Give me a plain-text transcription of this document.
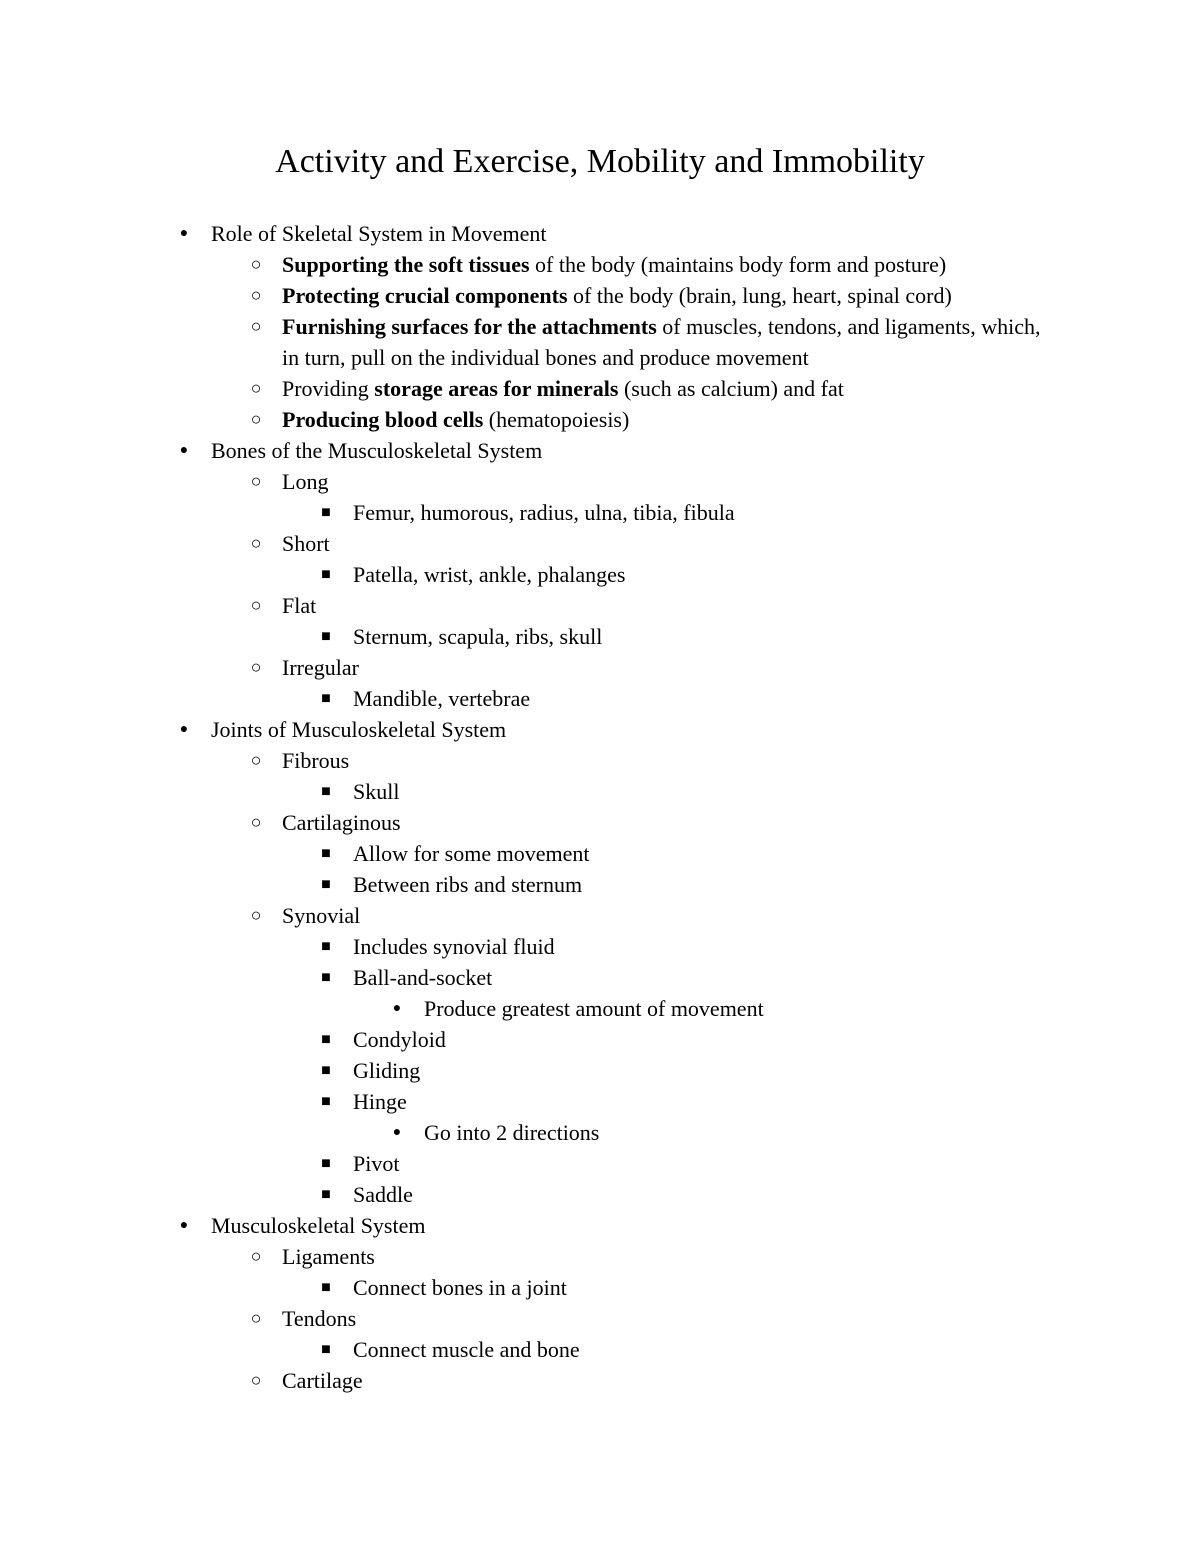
Activity and Exercise, Mobility and Immobility
● Role of Skeletal System in Movement
○ Supporting the soft tissues of the body (maintains body form and posture)
○ Protecting crucial components of the body (brain, lung, heart, spinal cord)
○ Furnishing surfaces for the attachments of muscles, tendons, and ligaments, which, in turn, pull on the individual bones and produce movement
○ Providing storage areas for minerals (such as calcium) and fat
○ Producing blood cells (hematopoiesis)
● Bones of the Musculoskeletal System
○ Long
■ Femur, humorous, radius, ulna, tibia, fibula
○ Short
■ Patella, wrist, ankle, phalanges
○ Flat
■ Sternum, scapula, ribs, skull
○ Irregular
■ Mandible, vertebrae
● Joints of Musculoskeletal System
○ Fibrous
■ Skull
○ Cartilaginous
■ Allow for some movement
■ Between ribs and sternum
○ Synovial
■ Includes synovial fluid
■ Ball-and-socket
● Produce greatest amount of movement
■ Condyloid
■ Gliding
■ Hinge
● Go into 2 directions
■ Pivot
■ Saddle
● Musculoskeletal System
○ Ligaments
■ Connect bones in a joint
○ Tendons
■ Connect muscle and bone
○ Cartilage
